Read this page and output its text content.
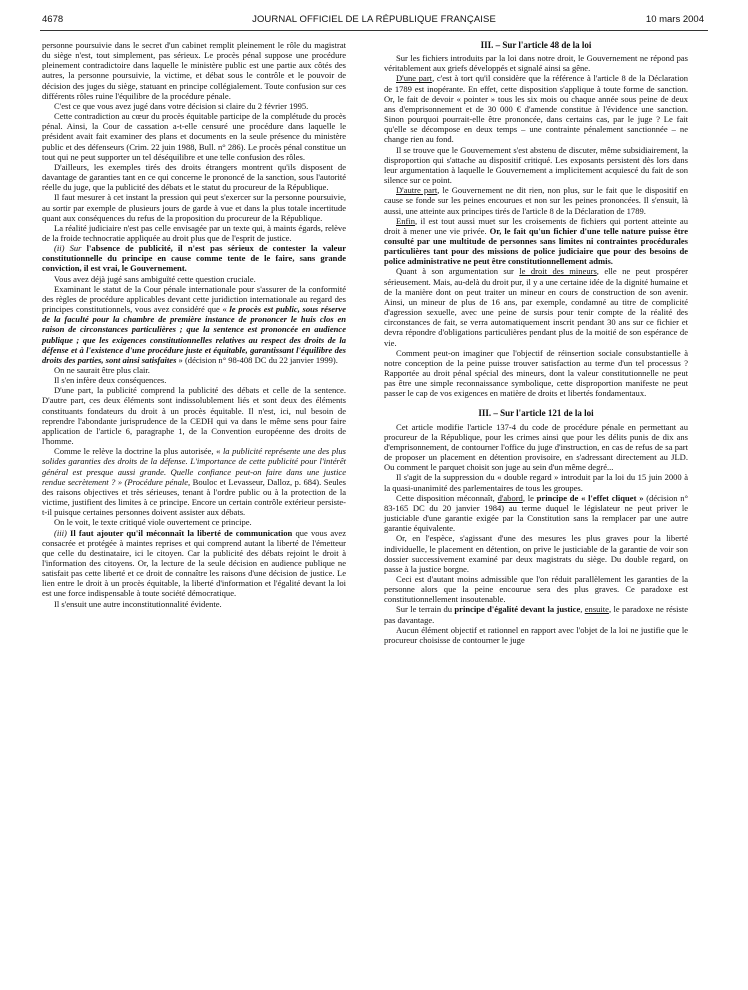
4678	JOURNAL OFFICIEL DE LA RÉPUBLIQUE FRANÇAISE	10 mars 2004

personne poursuivie dans le secret d'un cabinet remplit pleinement le rôle du magistrat du siège n'est, tout simplement, pas sérieux. Le procès pénal suppose une procédure pleinement contradictoire dans laquelle le ministère public est une partie aux côtés des autres, la personne poursuivie, la victime, et débat sous le contrôle et le pouvoir de décision des juges du siège, statuant en principe collégialement. Toute confusion sur ces différents rôles ruine l'équilibre de la procédure pénale.

C'est ce que vous avez jugé dans votre décision si claire du 2 février 1995.

Cette contradiction au cœur du procès équitable participe de la complétude du procès pénal. Ainsi, la Cour de cassation a-t-elle censuré une procédure dans laquelle le président avait fait examiner des plans et documents en la seule présence du ministère public et des défenseurs (Crim. 22 juin 1988, Bull. n° 286). Le procès pénal constitue un tout qui ne peut supporter un tel déséquilibre et une telle confusion des rôles.

D'ailleurs, les exemples tirés des droits étrangers montrent qu'ils disposent de davantage de garanties tant en ce qui concerne le prononcé de la sanction, sous l'autorité réelle du juge, que la publicité des débats et le statut du procureur de la République.

Il faut mesurer à cet instant la pression qui peut s'exercer sur la personne poursuivie, au sortir par exemple de plusieurs jours de garde à vue et dans la plus totale incertitude quant aux conséquences du refus de la proposition du procureur de la République.

La réalité judiciaire n'est pas celle envisagée par un texte qui, à maints égards, relève de la froide technocratie appliquée au droit plus que de l'esprit de justice.

(ii) Sur l'absence de publicité, il n'est pas sérieux de contester la valeur constitutionnelle du principe en cause comme tente de le faire, sans grande conviction, il est vrai, le Gouvernement.

Vous avez déjà jugé sans ambiguïté cette question cruciale.

Examinant le statut de la Cour pénale internationale pour s'assurer de la conformité des règles de procédure applicables devant cette juridiction internationale au regard des principes constitutionnels, vous avez considéré que « le procès est public, sous réserve de la faculté pour la chambre de première instance de prononcer le huis clos en raison de circonstances particulières ; que la sentence est prononcée en audience publique ; que les exigences constitutionnelles relatives au respect des droits de la défense et à l'existence d'une procédure juste et équitable, garantissant l'équilibre des droits des parties, sont ainsi satisfaites » (décision n° 98-408 DC du 22 janvier 1999).

On ne saurait être plus clair.

Il s'en infère deux conséquences.

D'une part, la publicité comprend la publicité des débats et celle de la sentence. D'autre part, ces deux éléments sont indissolublement liés et sont deux des éléments constituants fondateurs du droit à un procès équitable. Il n'est, ici, nul besoin de reprendre l'abondante jurisprudence de la CEDH qui va dans le même sens pour faire application de l'article 6, paragraphe 1, de la Convention européenne des droits de l'homme.

Comme le relève la doctrine la plus autorisée, « la publicité représente une des plus solides garanties des droits de la défense. L'importance de cette publicité pour l'intérêt général est presque aussi grande. Quelle confiance peut-on faire dans une justice rendue secrètement ? » (Procédure pénale, Bouloc et Levasseur, Dalloz, p. 684). Seules des raisons objectives et très sérieuses, tenant à l'ordre public ou à la protection de la victime, justifient des limites à ce principe. Encore un certain contrôle extérieur persiste-t-il puisque certaines personnes doivent assister aux débats.

On le voit, le texte critiqué viole ouvertement ce principe.

(iii) Il faut ajouter qu'il méconnaît la liberté de communication que vous avez consacrée et protégée à maintes reprises et qui comprend autant la liberté de l'émetteur que celle du destinataire, ici le citoyen. Car la publicité des débats rejoint le droit à l'information des citoyens. Or, la lecture de la seule décision en audience publique ne satisfait pas cette liberté et ce droit de connaître les raisons d'une décision de justice. Le lien entre le droit à un procès équitable, la liberté d'information et l'égalité devant la loi est une force indispensable à toute société démocratique.

Il s'ensuit une autre inconstitutionnalité évidente.

III. – Sur l'article 48 de la loi

Sur les fichiers introduits par la loi dans notre droit, le Gouvernement ne répond pas véritablement aux griefs développés et signalé ainsi sa gêne.

D'une part, c'est à tort qu'il considère que la référence à l'article 8 de la Déclaration de 1789 est inopérante. En effet, cette disposition s'applique à toute forme de sanction. Or, le fait de devoir « pointer » tous les six mois ou chaque année sous peine de deux ans d'emprisonnement et de 30 000 € d'amende constitue à l'évidence une sanction. Sinon pourquoi pourrait-elle être prononcée, dans certains cas, par le juge ? Le fait qu'elle se décompose en deux temps – une contrainte pénalement sanctionnée – ne change rien au fond.

Il se trouve que le Gouvernement s'est abstenu de discuter, même subsidiairement, la disproportion qui s'attache au dispositif critiqué. Les exposants persistent dès lors dans leur argumentation à laquelle le Gouvernement a implicitement acquiescé du fait de son silence sur ce point.

D'autre part, le Gouvernement ne dit rien, non plus, sur le fait que le dispositif en cause se fonde sur les peines encourues et non sur les peines prononcées. Il s'ensuit, là aussi, une atteinte aux principes tirés de l'article 8 de la Déclaration de 1789.

Enfin, il est tout aussi muet sur les croisements de fichiers qui portent atteinte au droit à mener une vie privée. Or, le fait qu'un fichier d'une telle nature puisse être consulté par une multitude de personnes sans limites ni contraintes procédurales particulières tant pour des missions de police judiciaire que pour des besoins de police administrative ne peut être constitutionnellement admis.

Quant à son argumentation sur le droit des mineurs, elle ne peut prospérer sérieusement. Mais, au-delà du droit pur, il y a une certaine idée de la dignité humaine et de la manière dont on peut traiter un mineur en cours de construction de son avenir. Ainsi, un mineur de plus de 16 ans, par exemple, condamné au titre de complicité d'agression sexuelle, avec une peine de sursis pour tenir compte de la réalité des circonstances de fait, se verra automatiquement inscrit pendant 30 ans sur ce fichier et devra répondre d'obligations particulières pendant plus de la moitié de son espérance de vie.

Comment peut-on imaginer que l'objectif de réinsertion sociale consubstantielle à notre conception de la peine puisse trouver satisfaction au terme d'un tel processus ? Rapportée au droit pénal spécial des mineurs, dont la valeur constitutionnelle ne peut pas être une simple reconnaissance symbolique, cette disproportion manifeste ne peut passer le cap de vos exigences en matière de droits et libertés fondamentaux.

III. – Sur l'article 121 de la loi

Cet article modifie l'article 137-4 du code de procédure pénale en permettant au procureur de la République, pour les crimes ainsi que pour les délits punis de dix ans d'emprisonnement, de contourner l'office du juge d'instruction, en cas de refus de sa part de proposer un placement en détention provisoire, en s'adressant directement au JLD. Ou comment le parquet choisit son juge au sein d'un même degré...

Il s'agit de la suppression du « double regard » introduit par la loi du 15 juin 2000 à la quasi-unanimité des parlementaires de tous les groupes.

Cette disposition méconnaît, d'abord, le principe de « l'effet cliquet » (décision n° 83-165 DC du 20 janvier 1984) au terme duquel le législateur ne peut priver le justiciable d'une garantie exigée par la Constitution sans la remplacer par une autre garantie équivalente.

Or, en l'espèce, s'agissant d'une des mesures les plus graves pour la liberté individuelle, le placement en détention, on prive le justiciable de la garantie de voir son dossier successivement examiné par deux magistrats du siège. Du double regard, on passe à la justice borgne.

Ceci est d'autant moins admissible que l'on réduit parallèlement les garanties de la personne alors que la peine encourue sera des plus graves. Ce paradoxe est constitutionnellement insoutenable.

Sur le terrain du principe d'égalité devant la justice, ensuite, le paradoxe ne résiste pas davantage.

Aucun élément objectif et rationnel en rapport avec l'objet de la loi ne justifie que le procureur choisisse de contourner le juge
